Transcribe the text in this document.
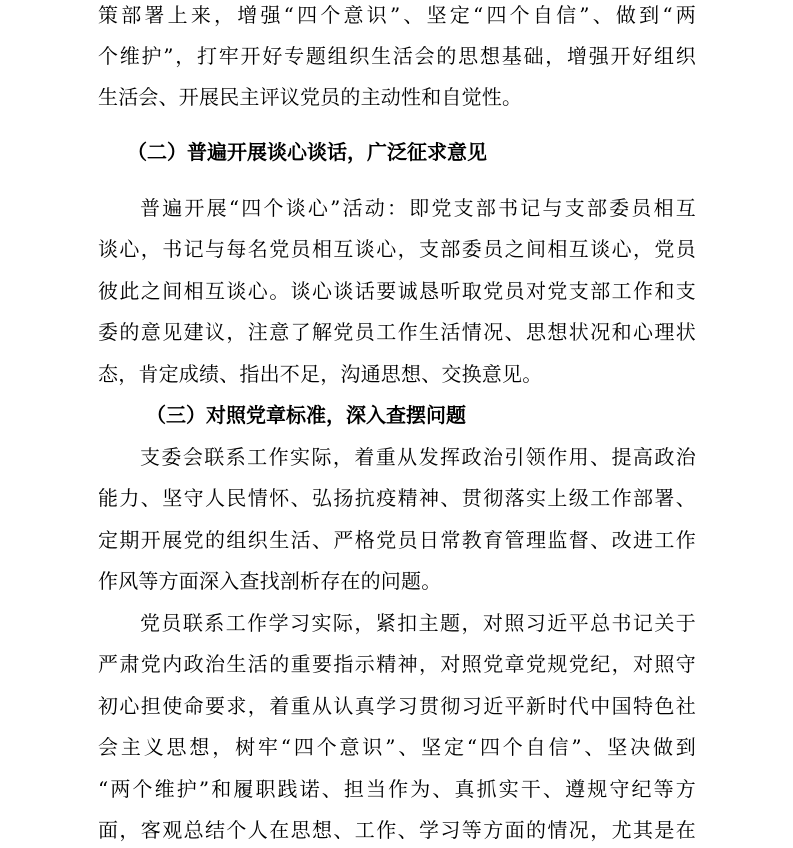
策部署上来，增强“四个意识”、坚定“四个自信”、做到“两
个维护”，打牢开好专题组织生活会的思想基础，增强开好组织
生活会、开展民主评议党员的主动性和自觉性。
（二）普遍开展谈心谈话，广泛征求意见
普遍开展“四个谈心”活动：即党支部书记与支部委员相互
谈心，书记与每名党员相互谈心，支部委员之间相互谈心，党员
彼此之间相互谈心。谈心谈话要诚恳听取党员对党支部工作和支
委的意见建议，注意了解党员工作生活情况、思想状况和心理状
态，肯定成绩、指出不足，沟通思想、交换意见。
（三）对照党章标准，深入查摆问题
支委会联系工作实际，着重从发挥政治引领作用、提高政治
能力、坚守人民情怀、弘扬抗疫精神、贯彻落实上级工作部署、
定期开展党的组织生活、严格党员日常教育管理监督、改进工作
作风等方面深入查找剖析存在的问题。
党员联系工作学习实际，紧扣主题，对照习近平总书记关于
严肃党内政治生活的重要指示精神，对照党章党规党纪，对照守
初心担使命要求，着重从认真学习贯彻习近平新时代中国特色社
会主义思想，树牢“四个意识”、坚定“四个自信”、坚决做到
“两个维护”和履职践诺、担当作为、真抓实干、遵规守纪等方
面，客观总结个人在思想、工作、学习等方面的情况，尤其是在
